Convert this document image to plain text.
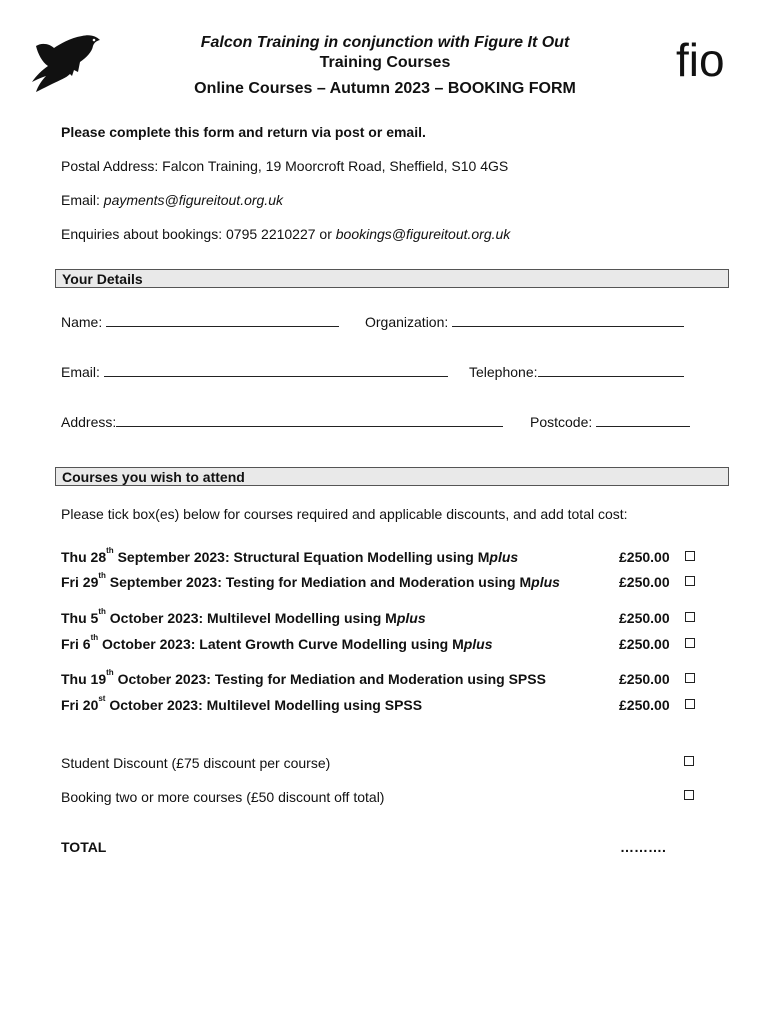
fio
Falcon Training in conjunction with Figure It Out
Training Courses
Online Courses – Autumn 2023 – BOOKING FORM
Please complete this form and return via post or email.
Postal Address: Falcon Training, 19 Moorcroft Road, Sheffield, S10 4GS
Email: payments@figureitout.org.uk
Enquiries about bookings: 0795 2210227 or bookings@figureitout.org.uk
Your Details
Name:	Organization:
Email:	Telephone:
Address:	Postcode:
Courses you wish to attend
Please tick box(es) below for courses required and applicable discounts, and add total cost:
Thu 28th September 2023: Structural Equation Modelling using Mplus	£250.00
Fri 29th September 2023: Testing for Mediation and Moderation using Mplus	£250.00
Thu 5th October 2023: Multilevel Modelling using Mplus	£250.00
Fri 6th October 2023: Latent Growth Curve Modelling using Mplus	£250.00
Thu 19th October 2023: Testing for Mediation and Moderation using SPSS	£250.00
Fri 20st October 2023: Multilevel Modelling using SPSS	£250.00
Student Discount (£75 discount per course)
Booking two or more courses (£50 discount off total)
TOTAL	……….
